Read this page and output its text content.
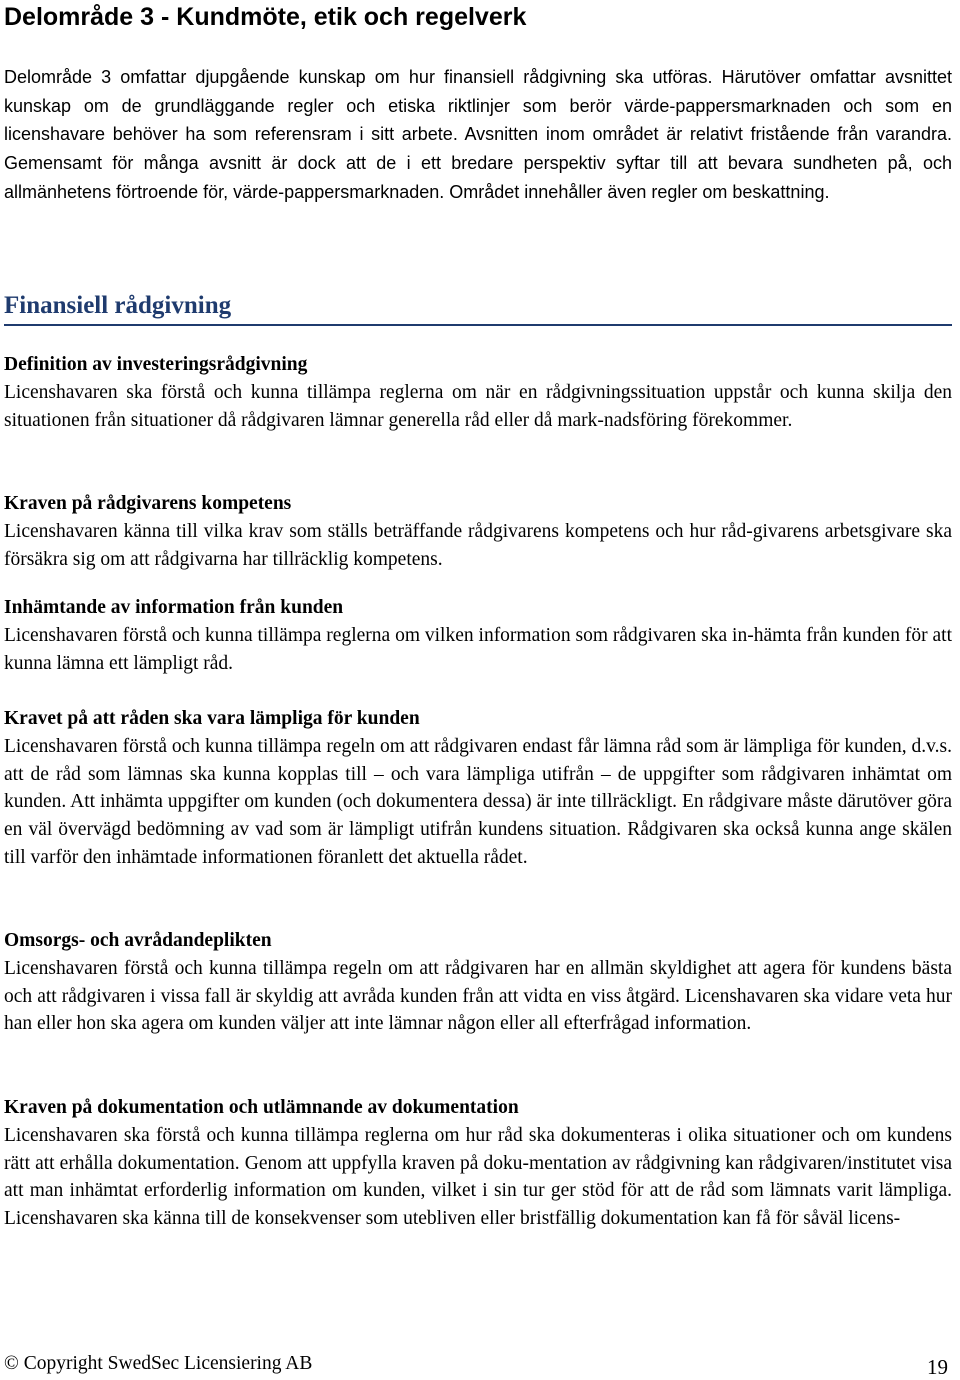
Delområde 3 - Kundmöte, etik och regelverk

Delområde 3 omfattar djupgående kunskap om hur finansiell rådgivning ska utföras. Härutöver omfattar avsnittet kunskap om de grundläggande regler och etiska riktlinjer som berör värde-pappersmarknaden och som en licenshavare behöver ha som referensram i sitt arbete. Avsnitten inom området är relativt fristående från varandra. Gemensamt för många avsnitt är dock att de i ett bredare perspektiv syftar till att bevara sundheten på, och allmänhetens förtroende för, värde-pappersmarknaden. Området innehåller även regler om beskattning.

Finansiell rådgivning

Definition av investeringsrådgivning

Licenshavaren ska förstå och kunna tillämpa reglerna om när en rådgivningssituation uppstår och kunna skilja den situationen från situationer då rådgivaren lämnar generella råd eller då mark-nadsföring förekommer.

Kraven på rådgivarens kompetens

Licenshavaren känna till vilka krav som ställs beträffande rådgivarens kompetens och hur råd-givarens arbetsgivare ska försäkra sig om att rådgivarna har tillräcklig kompetens.

Inhämtande av information från kunden

Licenshavaren förstå och kunna tillämpa reglerna om vilken information som rådgivaren ska in-hämta från kunden för att kunna lämna ett lämpligt råd.

Kravet på att råden ska vara lämpliga för kunden

Licenshavaren förstå och kunna tillämpa regeln om att rådgivaren endast får lämna råd som är lämpliga för kunden, d.v.s. att de råd som lämnas ska kunna kopplas till – och vara lämpliga utifrån – de uppgifter som rådgivaren inhämtat om kunden. Att inhämta uppgifter om kunden (och dokumentera dessa) är inte tillräckligt. En rådgivare måste därutöver göra en väl övervägd bedömning av vad som är lämpligt utifrån kundens situation. Rådgivaren ska också kunna ange skälen till varför den inhämtade informationen föranlett det aktuella rådet.

Omsorgs- och avrådandeplikten

Licenshavaren förstå och kunna tillämpa regeln om att rådgivaren har en allmän skyldighet att agera för kundens bästa och att rådgivaren i vissa fall är skyldig att avråda kunden från att vidta en viss åtgärd. Licenshavaren ska vidare veta hur han eller hon ska agera om kunden väljer att inte lämnar någon eller all efterfrågad information.

Kraven på dokumentation och utlämnande av dokumentation

Licenshavaren ska förstå och kunna tillämpa reglerna om hur råd ska dokumenteras i olika situationer och om kundens rätt att erhålla dokumentation. Genom att uppfylla kraven på doku-mentation av rådgivning kan rådgivaren/institutet visa att man inhämtat erforderlig information om kunden, vilket i sin tur ger stöd för att de råd som lämnats varit lämpliga. Licenshavaren ska känna till de konsekvenser som utebliven eller bristfällig dokumentation kan få för såväl licens-

© Copyright SwedSec Licensiering AB	19
